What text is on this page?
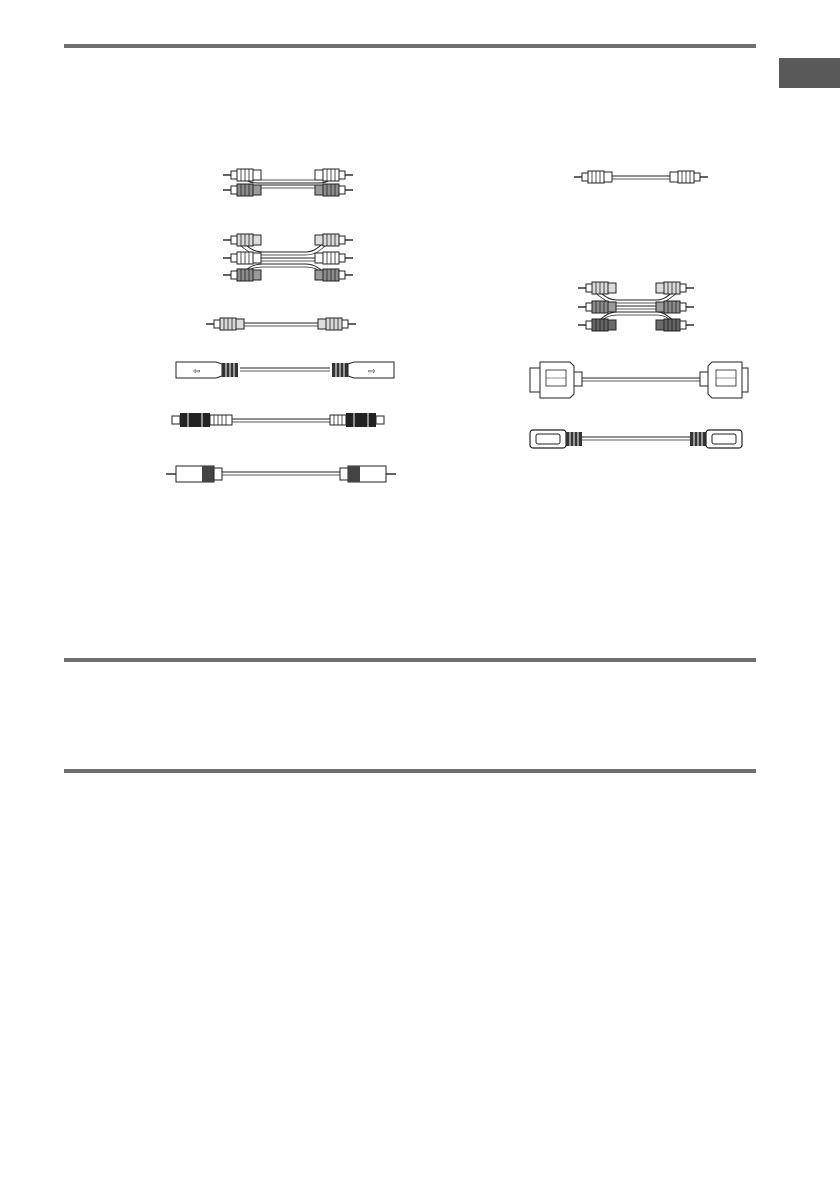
⇦	⇨
